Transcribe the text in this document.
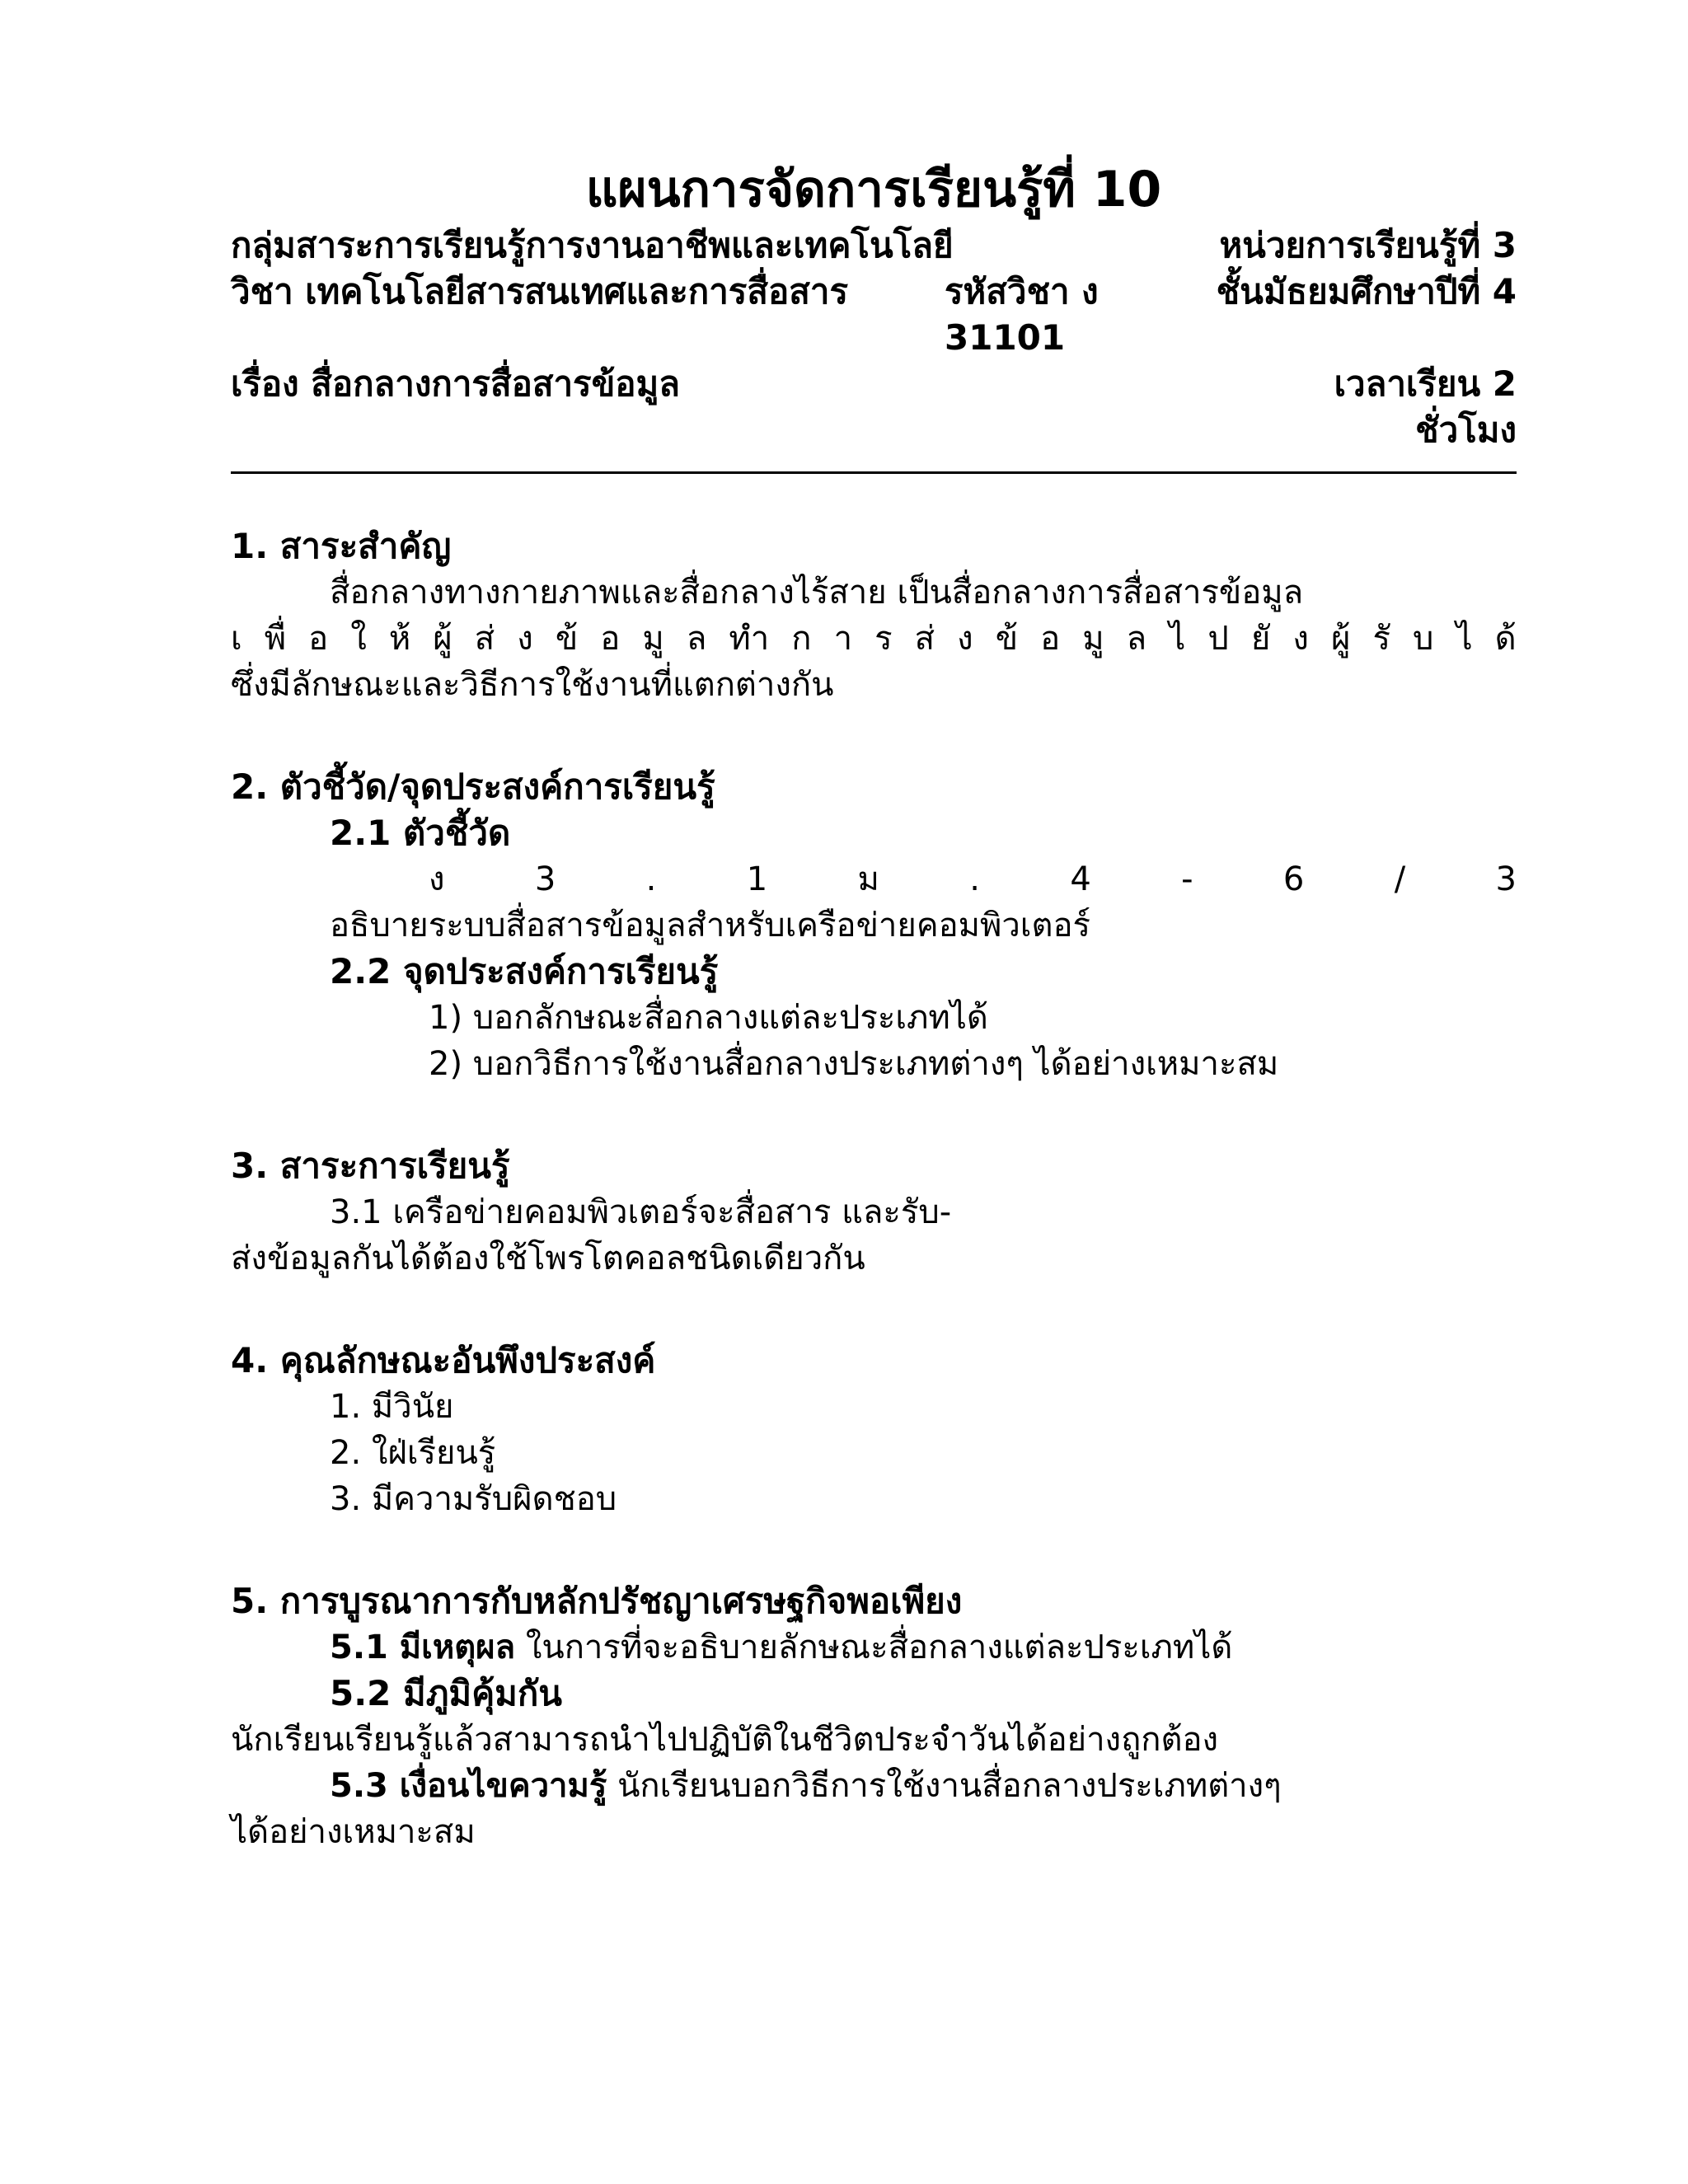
แผนการจัดการเรียนรู้ที่ 10
กลุ่มสาระการเรียนรู้การงานอาชีพและเทคโนโลยี	หน่วยการเรียนรู้ที่ 3
วิชา เทคโนโลยีสารสนเทศและการสื่อสาร	รหัสวิชา ง 31101
ชั้นมัธยมศึกษาปีที่ 4
เรื่อง สื่อกลางการสื่อสารข้อมูล	เวลาเรียน 2 ชั่วโมง
1. สาระสำคัญ
สื่อกลางทางกายภาพและสื่อกลางไร้สาย เป็นสื่อกลางการสื่อสารข้อมูล
เ พื่ อ ใ ห้ ผู้ ส่ ง ข้ อ มู ล ทำ ก า ร ส่ ง ข้ อ มู ล ไ ป ยั ง ผู้ รั บ ไ ด้
ซึ่งมีลักษณะและวิธีการใช้งานที่แตกต่างกัน
2. ตัวชี้วัด/จุดประสงค์การเรียนรู้
2.1 ตัวชี้วัด
ง	3	.	1	ม	.	4	-	6	/	3
อธิบายระบบสื่อสารข้อมูลสำหรับเครือข่ายคอมพิวเตอร์
2.2 จุดประสงค์การเรียนรู้
1) บอกลักษณะสื่อกลางแต่ละประเภทได้
2) บอกวิธีการใช้งานสื่อกลางประเภทต่างๆ ได้อย่างเหมาะสม
3. สาระการเรียนรู้
3.1 เครือข่ายคอมพิวเตอร์จะสื่อสาร และรับ-
ส่งข้อมูลกันได้ต้องใช้โพรโตคอลชนิดเดียวกัน
4. คุณลักษณะอันพึงประสงค์
1. มีวินัย
2. ใฝ่เรียนรู้
3. มีความรับผิดชอบ
5. การบูรณาการกับหลักปรัชญาเศรษฐกิจพอเพียง
5.1 มีเหตุผล ในการที่จะอธิบายลักษณะสื่อกลางแต่ละประเภทได้
5.2 มีภูมิคุ้มกัน
นักเรียนเรียนรู้แล้วสามารถนำไปปฏิบัติในชีวิตประจำวันได้อย่างถูกต้อง
5.3 เงื่อนไขความรู้ นักเรียนบอกวิธีการใช้งานสื่อกลางประเภทต่างๆ
ได้อย่างเหมาะสม
